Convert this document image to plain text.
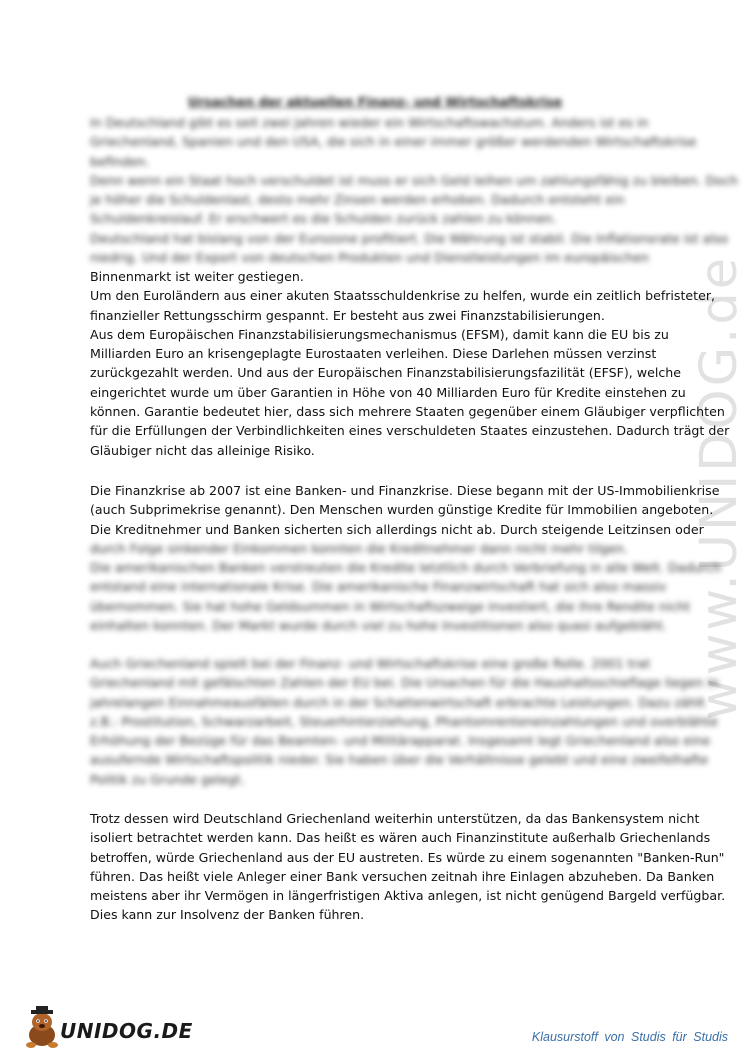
www.UNIDOG.de
Ursachen der aktuellen Finanz- und Wirtschaftskrise
In Deutschland gibt es seit zwei Jahren wieder ein Wirtschaftswachstum. Anders ist es in
Griechenland, Spanien und den USA, die sich in einer immer größer werdenden Wirtschaftskrise
befinden.
Denn wenn ein Staat hoch verschuldet ist muss er sich Geld leihen um zahlungsfähig zu bleiben. Doch
je höher die Schuldenlast, desto mehr Zinsen werden erhoben. Dadurch entsteht ein
Schuldenkreislauf. Er erschwert es die Schulden zurück zahlen zu können.
Deutschland hat bislang von der Eurozone profitiert. Die Währung ist stabil. Die Inflationsrate ist also
niedrig. Und der Export von deutschen Produkten und Dienstleistungen im europäischen
Binnenmarkt ist weiter gestiegen.
Um den Euroländern aus einer akuten Staatsschuldenkrise zu helfen, wurde ein zeitlich befristeter,
finanzieller Rettungsschirm gespannt. Er besteht aus zwei Finanzstabilisierungen.
Aus dem Europäischen Finanzstabilisierungsmechanismus (EFSM), damit kann die EU bis zu
Milliarden Euro an krisengeplagte Eurostaaten verleihen. Diese Darlehen müssen verzinst
zurückgezahlt werden. Und aus der Europäischen Finanzstabilisierungsfazilität (EFSF), welche
eingerichtet wurde um über Garantien in Höhe von 40 Milliarden Euro für Kredite einstehen zu
können. Garantie bedeutet hier, dass sich mehrere Staaten gegenüber einem Gläubiger verpflichten
für die Erfüllungen der Verbindlichkeiten eines verschuldeten Staates einzustehen. Dadurch trägt der
Gläubiger nicht das alleinige Risiko.
Die Finanzkrise ab 2007 ist eine Banken- und Finanzkrise. Diese begann mit der US-Immobilienkrise
(auch Subprimekrise genannt). Den Menschen wurden günstige Kredite für Immobilien angeboten.
Die Kreditnehmer und Banken sicherten sich allerdings nicht ab. Durch steigende Leitzinsen oder
durch Folge sinkender Einkommen konnten die Kreditnehmer dann nicht mehr tilgen.
Die amerikanischen Banken verstreuten die Kredite letztlich durch Verbriefung in alle Welt. Dadurch
entstand eine internationale Krise. Die amerikanische Finanzwirtschaft hat sich also massiv
übernommen. Sie hat hohe Geldsummen in Wirtschaftszweige investiert, die ihre Rendite nicht
einhalten konnten. Der Markt wurde durch viel zu hohe Investitionen also quasi aufgebläht.
Auch Griechenland spielt bei der Finanz- und Wirtschaftskrise eine große Rolle. 2001 trat
Griechenland mit gefälschten Zahlen der EU bei. Die Ursachen für die Haushaltsschieflage liegen in
jahrelangen Einnahmeausfällen durch in der Schattenwirtschaft erbrachte Leistungen. Dazu zählt
z.B.: Prostitution, Schwarzarbeit, Steuerhinterziehung, Phantomrenteneinzahlungen und overblähte
Erhöhung der Bezüge für das Beamten- und Militärapparat. Insgesamt legt Griechenland also eine
ausufernde Wirtschaftspolitik nieder. Sie haben über die Verhältnisse gelebt und eine zweifelhafte
Politik zu Grunde gelegt.
Trotz dessen wird Deutschland Griechenland weiterhin unterstützen, da das Bankensystem nicht
isoliert betrachtet werden kann. Das heißt es wären auch Finanzinstitute außerhalb Griechenlands
betroffen, würde Griechenland aus der EU austreten. Es würde zu einem sogenannten "Banken-Run"
führen. Das heißt viele Anleger einer Bank versuchen zeitnah ihre Einlagen abzuheben. Da Banken
meistens aber ihr Vermögen in längerfristigen Aktiva anlegen, ist nicht genügend Bargeld verfügbar.
Dies kann zur Insolvenz der Banken führen.
UNIDOG.DE	Klausurstoff von Studis für Studis
